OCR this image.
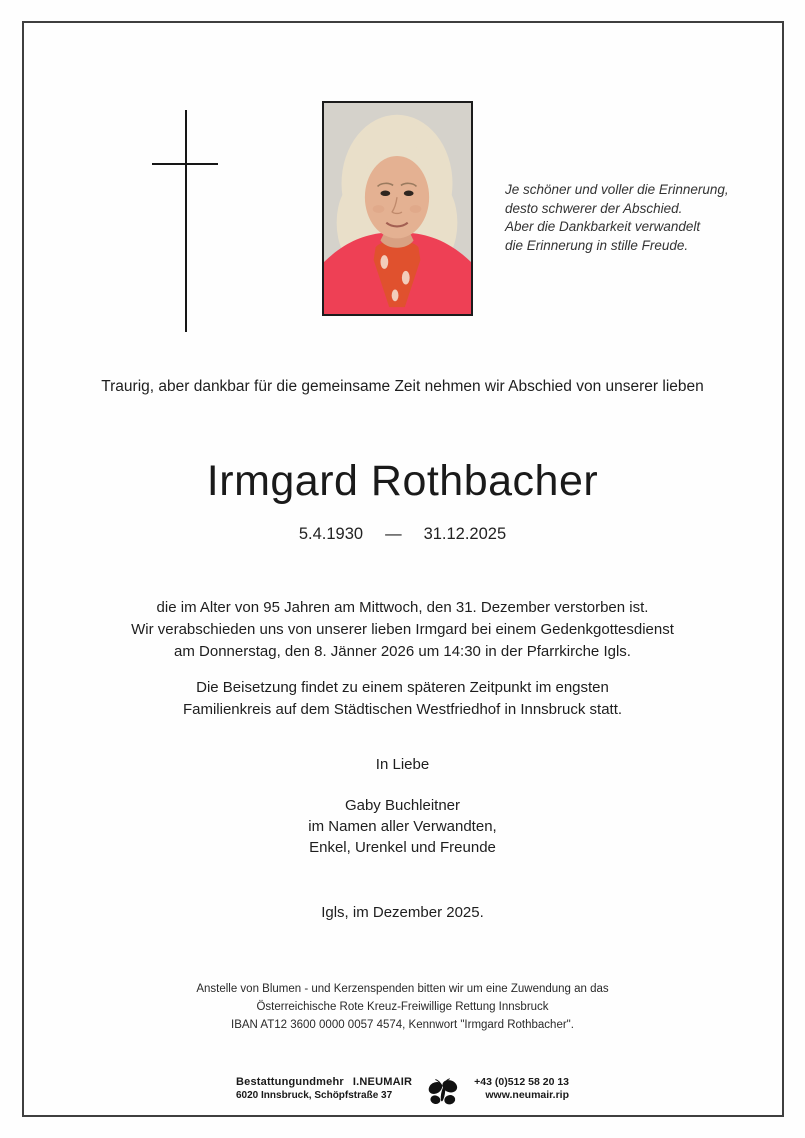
Je schöner und voller die Erinnerung,
desto schwerer der Abschied.
Aber die Dankbarkeit verwandelt
die Erinnerung in stille Freude.
Traurig, aber dankbar für die gemeinsame Zeit nehmen wir Abschied von unserer lieben
Irmgard Rothbacher
5.4.1930 — 31.12.2025
die im Alter von 95 Jahren am Mittwoch, den 31. Dezember verstorben ist.
Wir verabschieden uns von unserer lieben Irmgard bei einem Gedenkgottesdienst
am Donnerstag, den 8. Jänner 2026 um 14:30 in der Pfarrkirche Igls.
Die Beisetzung findet zu einem späteren Zeitpunkt im engsten
Familienkreis auf dem Städtischen Westfriedhof in Innsbruck statt.
In Liebe
Gaby Buchleitner
im Namen aller Verwandten,
Enkel, Urenkel und Freunde
Igls, im Dezember 2025.
Anstelle von Blumen - und Kerzenspenden bitten wir um eine Zuwendung an das
Österreichische Rote Kreuz-Freiwillige Rettung Innsbruck
IBAN AT12 3600 0000 0057 4574, Kennwort "Irmgard Rothbacher".
Bestattungundmehr I.NEUMAIR
6020 Innsbruck, Schöpfstraße 37
+43 (0)512 58 20 13
www.neumair.rip
